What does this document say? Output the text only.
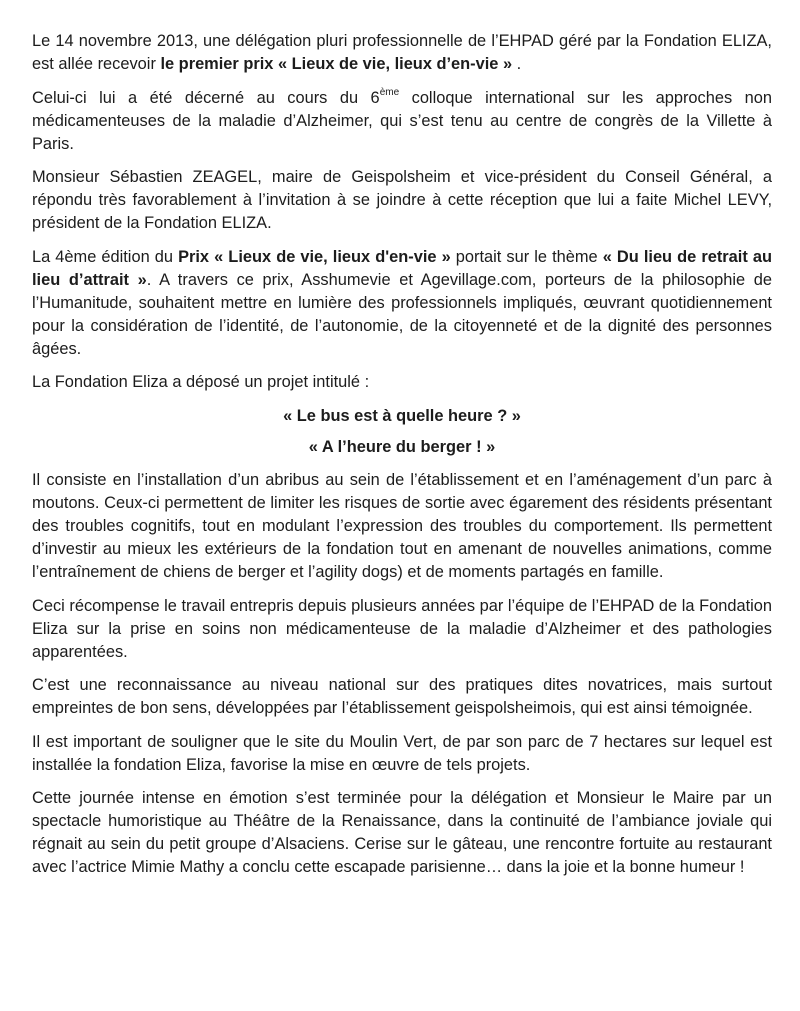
Le 14 novembre 2013, une délégation pluri professionnelle de l’EHPAD géré par la Fondation ELIZA, est allée recevoir le premier prix « Lieux de vie, lieux d’en-vie » .

Celui-ci lui a été décerné au cours du 6ème colloque international sur les approches non médicamenteuses de la maladie d’Alzheimer, qui s’est tenu au centre de congrès de la Villette à Paris.

Monsieur Sébastien ZEAGEL, maire de Geispolsheim et vice-président du Conseil Général, a répondu très favorablement à l’invitation à se joindre à cette réception que lui a faite Michel LEVY, président de la Fondation ELIZA.

La 4ème édition du Prix « Lieux de vie, lieux d'en-vie » portait sur le thème « Du lieu de retrait au lieu d’attrait ». A travers ce prix, Asshumevie et Agevillage.com, porteurs de la philosophie de l’Humanitude, souhaitent mettre en lumière des professionnels impliqués, œuvrant quotidiennement pour la considération de l’identité, de l’autonomie, de la citoyenneté et de la dignité des personnes âgées.

La Fondation Eliza a déposé un projet intitulé :

« Le bus est à quelle heure ? »

« A l’heure du berger ! »

Il consiste en l’installation d’un abribus au sein de l’établissement et en l’aménagement d’un parc à moutons. Ceux-ci permettent de limiter les risques de sortie avec égarement des résidents présentant des troubles cognitifs, tout en modulant l’expression des troubles du comportement. Ils permettent d’investir au mieux les extérieurs de la fondation tout en amenant de nouvelles animations, comme l’entraînement de chiens de berger et l’agility dogs) et de moments partagés en famille.

Ceci récompense le travail entrepris depuis plusieurs années par l’équipe de l’EHPAD de la Fondation Eliza sur la prise en soins non médicamenteuse de la maladie d’Alzheimer et des pathologies apparentées.

C’est une reconnaissance au niveau national sur des pratiques dites novatrices, mais surtout empreintes de bon sens, développées par l’établissement geispolsheimois, qui est ainsi témoignée.

Il est important de souligner que le site du Moulin Vert, de par son parc de 7 hectares sur lequel est installée la fondation Eliza, favorise la mise en œuvre de tels projets.

Cette journée intense en émotion s’est terminée pour la délégation et Monsieur le Maire par un spectacle humoristique au Théâtre de la Renaissance, dans la continuité de l’ambiance joviale qui régnait au sein du petit groupe d’Alsaciens. Cerise sur le gâteau, une rencontre fortuite au restaurant avec l’actrice Mimie Mathy a conclu cette escapade parisienne… dans la joie et la bonne humeur !
